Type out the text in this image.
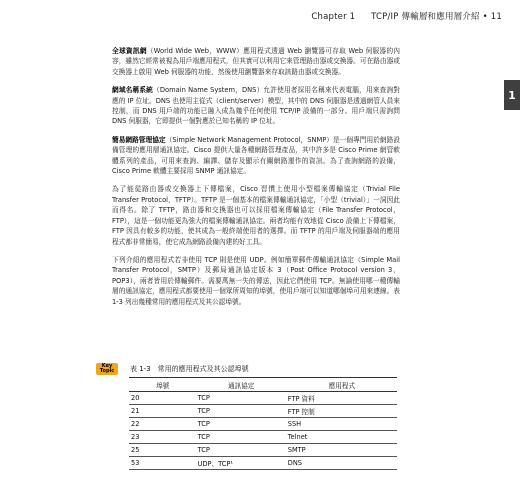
Chapter 1 TCP/IP 傳輸層和應用層介紹 • 11
1

全球資訊網（World Wide Web，WWW）應用程式透過 Web 瀏覽器可存取 Web 伺服器的內容，雖然它經常被視為用戶端應用程式，但其實可以利用它來管理路由器或交換器。可在路由器或交換器上啟用 Web 伺服器的功能，然後使用瀏覽器來存取該路由器或交換器。

網域名稱系統（Domain Name System，DNS）允許使用者採用名稱來代表電腦，用來查詢對應的 IP 位址。DNS 也使用主從式（client/server）模型，其中的 DNS 伺服器是透過網管人員來控制，而 DNS 用戶端的功能已融入成為幾乎任何使用 TCP/IP 設備的一部分。用戶端只需詢問 DNS 伺服器，它即提供一個對應於已知名稱的 IP 位址。

簡易網路管理協定（Simple Network Management Protocol，SNMP）是一個專門用於網路設備管理的應用層通訊協定。Cisco 提供大量各種網路管理產品，其中許多是 Cisco Prime 網管軟體系列的產品，可用來查詢、編譯、儲存及顯示有關網路運作的資訊。為了查詢網路的設備，Cisco Prime 軟體主要採用 SNMP 通訊協定。

為了能從路由器或交換器上下傳檔案，Cisco 習慣上使用小型檔案傳輸協定（Trivial File Transfer Protocol，TFTP）。TFTP 是一個基本的檔案傳輸通訊協定，「小型（trivial）」一詞因此而得名。除了 TFTP，路由器和交換器也可以採用檔案傳輸協定（File Transfer Protocol，FTP），這是一個功能更為強大的檔案傳輸通訊協定。兩者均能有效地從 Cisco 設備上下傳檔案，FTP 因具有較多的功能，使其成為一般終端使用者的選擇。而 TFTP 的用戶端及伺服器端的應用程式都非常簡易，使它成為網路設備內建的好工具。

下列介紹的應用程式若非使用 TCP 則是使用 UDP。例如簡單郵件傳輸通訊協定（Simple Mail Transfer Protocol，SMTP）及郵局通訊協定版本 3（Post Office Protocol version 3，POP3），兩者皆用於傳輸郵件。需要萬無一失的傳送，因此它們使用 TCP。無論使用哪一種傳輸層的通訊協定，應用程式都要使用一個眾所周知的埠號，使用戶端可以知道哪個埠可用來連線。表 1-3 列出幾種常用的應用程式及其公認埠號。

Key
Topic 表 1-3　常用的應用程式及其公認埠號
埠號	通訊協定	應用程式
20	TCP	FTP 資料
21	TCP	FTP 控制
22	TCP	SSH
23	TCP	Telnet
25	TCP	SMTP
53	UDP、TCP¹	DNS
